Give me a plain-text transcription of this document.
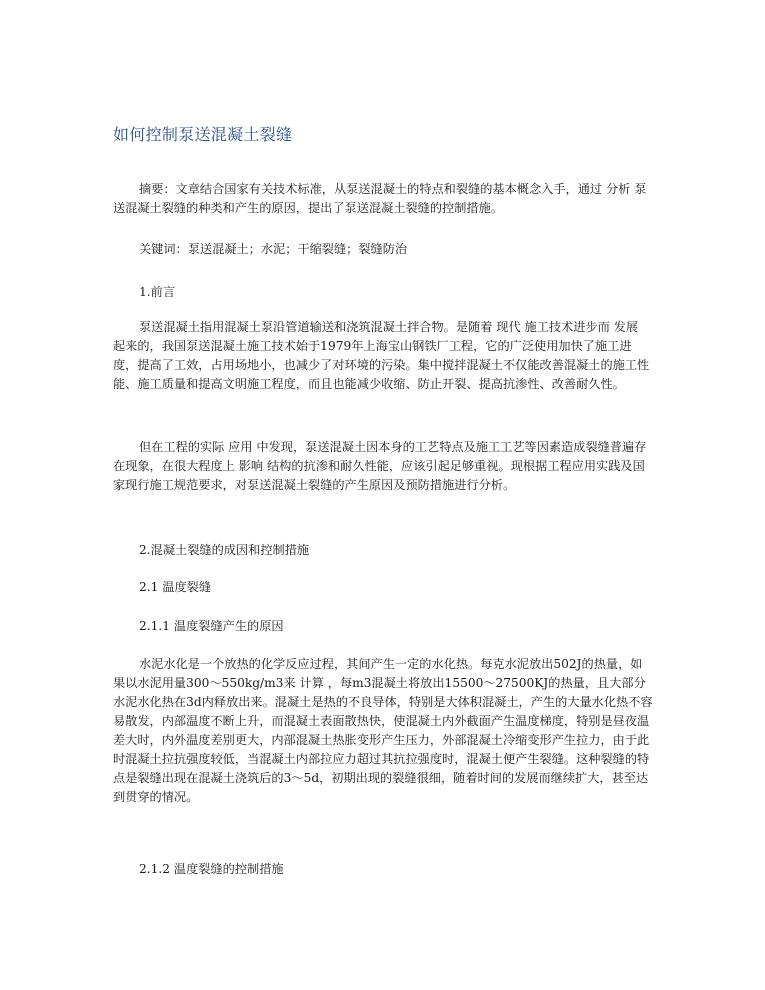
如何控制泵送混凝土裂缝

摘要：文章结合国家有关技术标准，从泵送混凝土的特点和裂缝的基本概念入手，通过 分析 泵送混凝土裂缝的种类和产生的原因，提出了泵送混凝土裂缝的控制措施。

关键词：泵送混凝土；水泥；干缩裂缝；裂缝防治

1.前言

泵送混凝土指用混凝土泵沿管道输送和浇筑混凝土拌合物。是随着 现代 施工技术进步而 发展 起来的，我国泵送混凝土施工技术始于1979年上海宝山钢铁厂工程，它的广泛使用加快了施工进度，提高了工效，占用场地小，也减少了对环境的污染。集中搅拌混凝土不仅能改善混凝土的施工性能、施工质量和提高文明施工程度，而且也能减少收缩、防止开裂、提高抗渗性、改善耐久性。

但在工程的实际 应用 中发现，泵送混凝土因本身的工艺特点及施工工艺等因素造成裂缝普遍存在现象，在很大程度上 影响 结构的抗渗和耐久性能，应该引起足够重视。现根据工程应用实践及国家现行施工规范要求，对泵送混凝土裂缝的产生原因及预防措施进行分析。

2.混凝土裂缝的成因和控制措施

2.1 温度裂缝

2.1.1 温度裂缝产生的原因

水泥水化是一个放热的化学反应过程，其间产生一定的水化热。每克水泥放出502J的热量，如果以水泥用量300～550kg/m3来 计算 ，每m3混凝土将放出15500～27500KJ的热量，且大部分水泥水化热在3d内释放出来。混凝土是热的不良导体，特别是大体积混凝土，产生的大量水化热不容易散发，内部温度不断上升，而混凝土表面散热快，使混凝土内外截面产生温度梯度，特别是昼夜温差大时，内外温度差别更大，内部混凝土热胀变形产生压力，外部混凝土冷缩变形产生拉力，由于此时混凝土拉抗强度较低，当混凝土内部拉应力超过其抗拉强度时，混凝土便产生裂缝。这种裂缝的特点是裂缝出现在混凝土浇筑后的3～5d，初期出现的裂缝很细，随着时间的发展而继续扩大，甚至达到贯穿的情况。

2.1.2 温度裂缝的控制措施
